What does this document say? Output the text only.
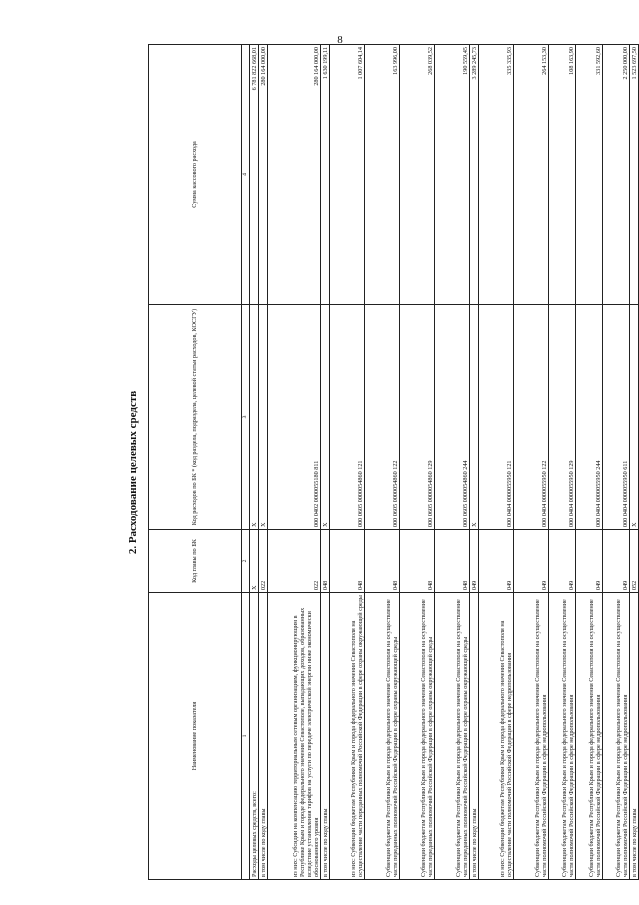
8
2. Расходование целевых средств
Наименование показателя	Код главы по БК	Код расходов по БК * (код раздела, подраздела, целевой статьи расходов, КОСГУ)	Сумма кассового расхода
1	2	3	4
Расходы целевых средств, всего:	Х	Х	6 781 822 668,01
в том числе по коду главы	022	Х	280 164 000,00
из них: Субсидии на компенсацию территориальным сетевым организациям, функционирующим в Республике Крым и городе федерального значения Севастополе, выпадающих доходов, образованных вследствие установления тарифов на услуги по передаче электрической энергии ниже экономически обоснованного уровня	022	000 0402 0000055180 811	280 164 000,00
в том числе по коду главы	048	Х	1 630 199,11
из них: Субвенции бюджетам Республики Крым и города федерального значения Севастополя на осуществление части переданных полномочий Российской Федерации в сфере охраны окружающей среды	048	000 0605 0000054860 121	1 007 604,14
Субвенции бюджетам Республики Крым и города федерального значения Севастополя на осуществление части переданных полномочий Российской Федерации в сфере охраны окружающей среды	048	000 0605 0000054860 122	163 996,00
Субвенции бюджетам Республики Крым и города федерального значения Севастополя на осуществление части переданных полномочий Российской Федерации в сфере охраны окружающей среды	048	000 0605 0000054860 129	268 039,52
Субвенции бюджетам Республики Крым и города федерального значения Севастополя на осуществление части переданных полномочий Российской Федерации в сфере охраны окружающей среды	048	000 0605 0000054860 244	190 559,45
в том числе по коду главы	049	Х	3 289 245,73
из них: Субвенции бюджетам Республики Крым и города федерального значения Севастополя на осуществление части полномочий Российской Федерации в сфере недропользования	049	000 0404 0000055950 121	335 335,93
Субвенции бюджетам Республики Крым и города федерального значения Севастополя на осуществление части полномочий Российской Федерации в сфере недропользования	049	000 0404 0000055950 122	264 153,30
Субвенции бюджетам Республики Крым и города федерального значения Севастополя на осуществление части полномочий Российской Федерации в сфере недропользования	049	000 0404 0000055950 129	108 163,90
Субвенции бюджетам Республики Крым и города федерального значения Севастополя на осуществление части полномочий Российской Федерации в сфере недропользования	049	000 0404 0000055950 244	331 592,60
Субвенции бюджетам Республики Крым и города федерального значения Севастополя на осуществление части полномочий Российской Федерации в сфере недропользования	049	000 0404 0000055950 611	2 250 000,00
в том числе по коду главы	052	Х	1 523 697,50
